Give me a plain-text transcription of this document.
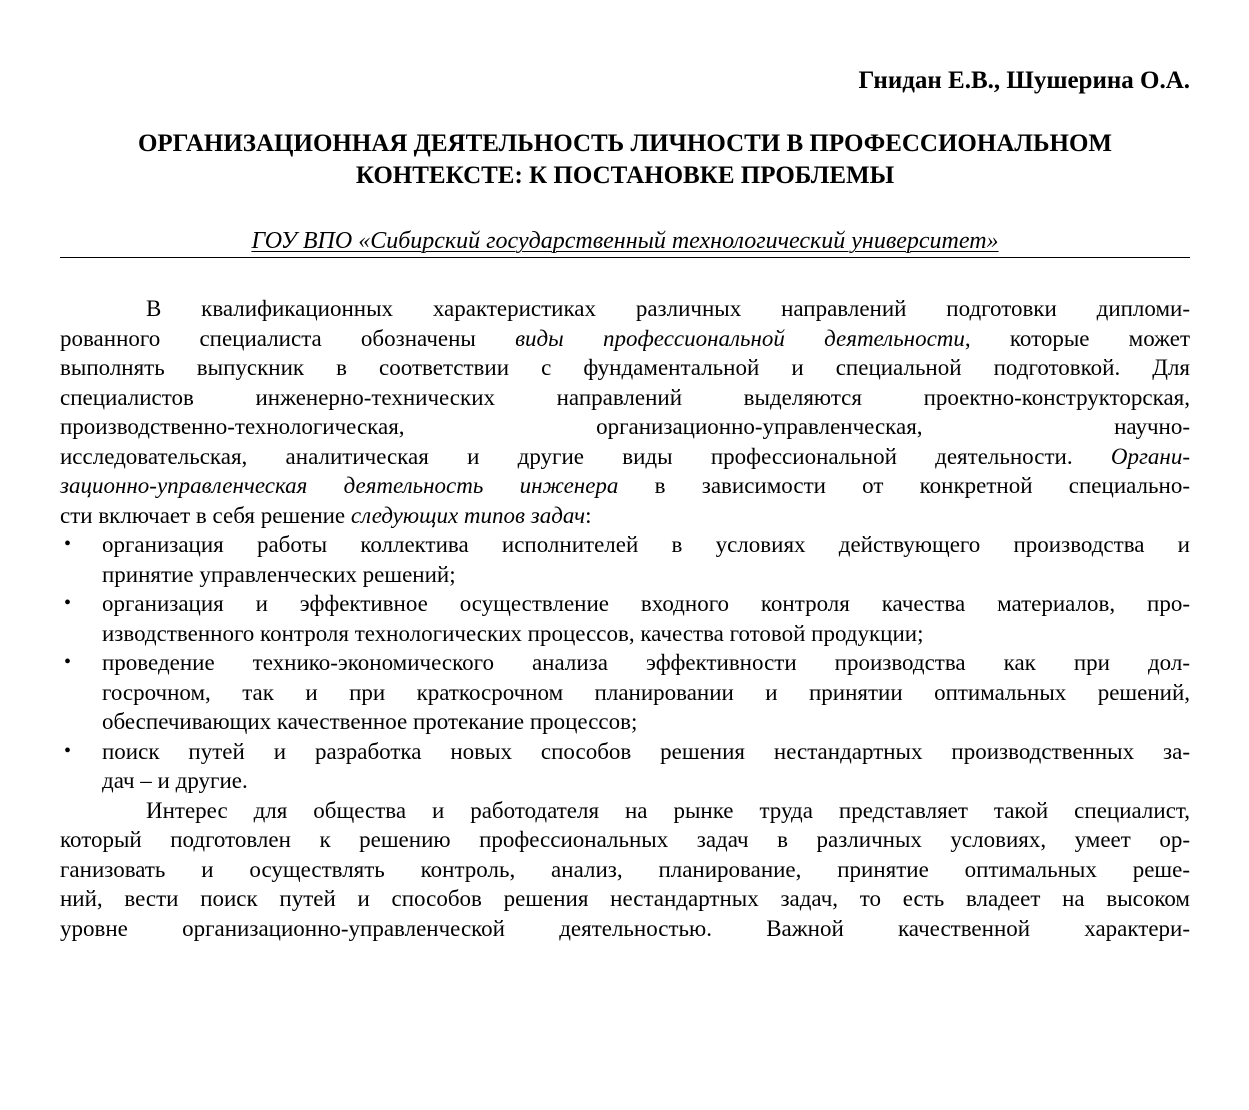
Гнидан Е.В., Шушерина О.А.
ОРГАНИЗАЦИОННАЯ ДЕЯТЕЛЬНОСТЬ ЛИЧНОСТИ В ПРОФЕССИОНАЛЬНОМ
КОНТЕКСТЕ: К ПОСТАНОВКЕ ПРОБЛЕМЫ
ГОУ ВПО «Сибирский государственный технологический университет»
В квалификационных характеристиках различных направлений подготовки дипломи-
рованного специалиста обозначены виды профессиональной деятельности, которые может
выполнять выпускник в соответствии с фундаментальной и специальной подготовкой. Для
специалистов инженерно-технических направлений выделяются проектно-конструкторская,
производственно-технологическая,              организационно-управленческая,              научно-
исследовательская, аналитическая и другие виды профессиональной деятельности. Органи-
зационно-управленческая деятельность инженера в зависимости от конкретной специально-
сти включает в себя решение следующих типов задач:
• организация работы коллектива исполнителей в условиях действующего производства и
принятие управленческих решений;
• организация и эффективное осуществление входного контроля качества материалов, про-
изводственного контроля технологических процессов, качества готовой продукции;
• проведение технико-экономического анализа эффективности производства как при дол-
госрочном, так и при краткосрочном планировании и принятии оптимальных решений,
обеспечивающих качественное протекание процессов;
• поиск путей и разработка новых способов решения нестандартных производственных за-
дач – и другие.
Интерес для общества и работодателя на рынке труда представляет такой специалист,
который подготовлен к решению профессиональных задач в различных условиях, умеет ор-
ганизовать и осуществлять контроль, анализ, планирование, принятие оптимальных реше-
ний, вести поиск путей и способов решения нестандартных задач, то есть владеет на высоком
уровне организационно-управленческой деятельностью. Важной качественной характери-
